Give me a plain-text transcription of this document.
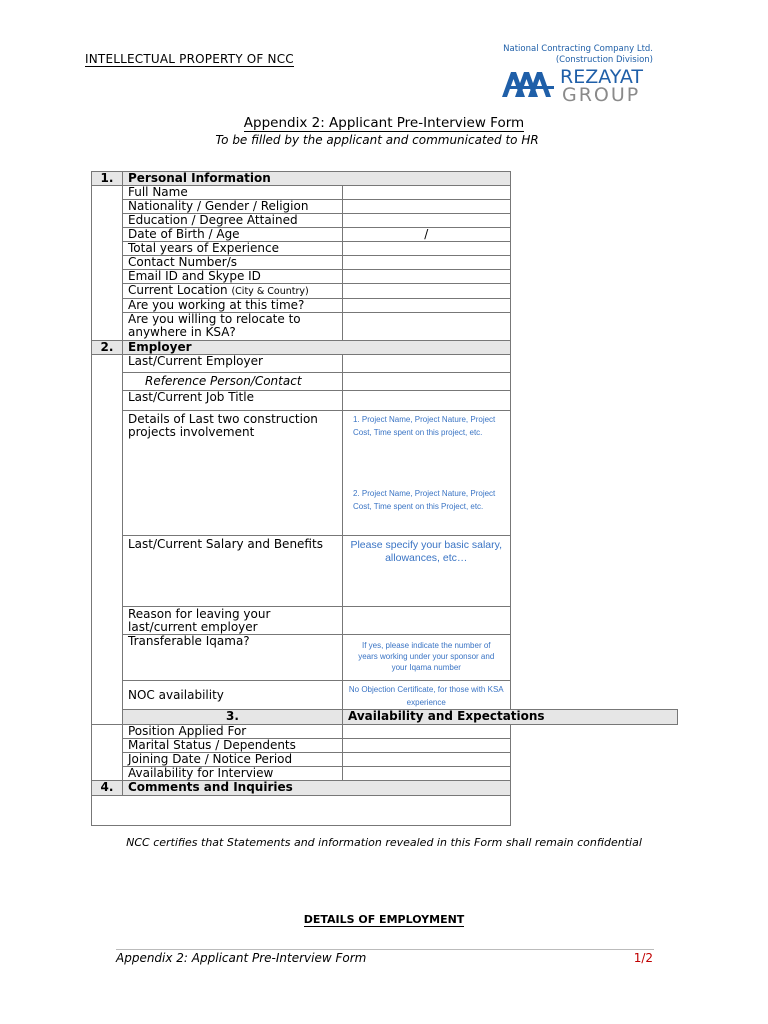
INTELLECTUAL PROPERTY OF NCC
National Contracting Company Ltd.
(Construction Division)
REZAYAT
GROUP
Appendix 2: Applicant Pre-Interview Form
To be filled by the applicant and communicated to HR
1.	Personal Information	
	Full Name	
	Nationality / Gender / Religion	
	Education / Degree Attained	
	Date of Birth / Age	/
	Total years of Experience	
	Contact Number/s	
	Email ID and Skype ID	
	Current Location (City & Country)	
	Are you working at this time?	
	Are you willing to relocate to anywhere in KSA?	
2.	Employer	
	Last/Current Employer	
	Reference Person/Contact	
	Last/Current Job Title	
	Details of Last two construction projects involvement	1. Project Name, Project Nature, Project Cost, Time spent on this project, etc.
2. Project Name, Project Nature, Project Cost, Time spent on this Project, etc.

	Last/Current Salary and Benefits	Please specify your basic salary, allowances, etc…

	Reason for leaving your last/current employer	
	Transferable Iqama?	If yes, please indicate the number of years working under your sponsor and your Iqama number

	NOC availability	No Objection Certificate, for those with KSA experience

	3.	Availability and Expectations
	Position Applied For	
	Marital Status / Dependents	
	Joining Date / Notice Period	
	Availability for Interview	
4.	Comments and Inquiries	

NCC certifies that Statements and information revealed in this Form shall remain confidential
DETAILS OF EMPLOYMENT
Appendix 2: Applicant Pre-Interview Form	1/2
